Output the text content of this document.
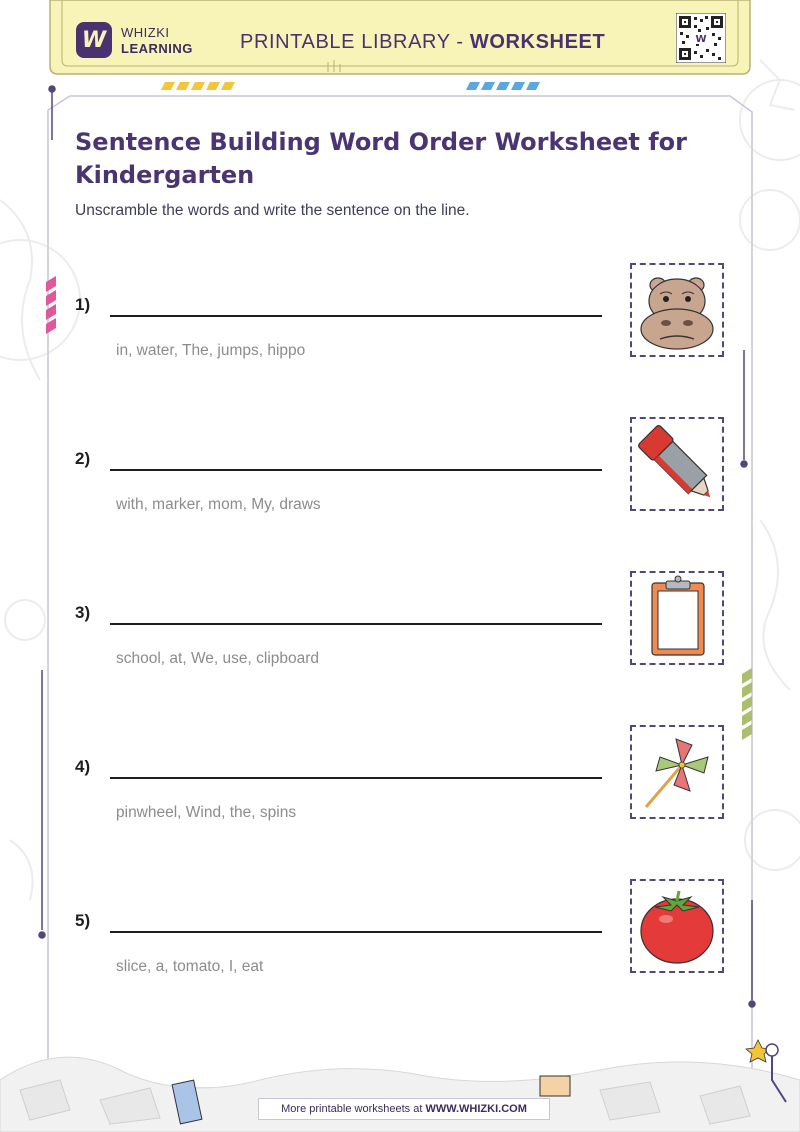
W WHIZKI
LEARNING PRINTABLE LIBRARY - WORKSHEET	W
Sentence Building Word Order Worksheet for Kindergarten
Unscramble the words and write the sentence on the line.
1)
in, water, The, jumps, hippo
2)
with, marker, mom, My, draws
3)
school, at, We, use, clipboard
4)
pinwheel, Wind, the, spins
5)
slice, a, tomato, I, eat
More printable worksheets at WWW.WHIZKI.COM
